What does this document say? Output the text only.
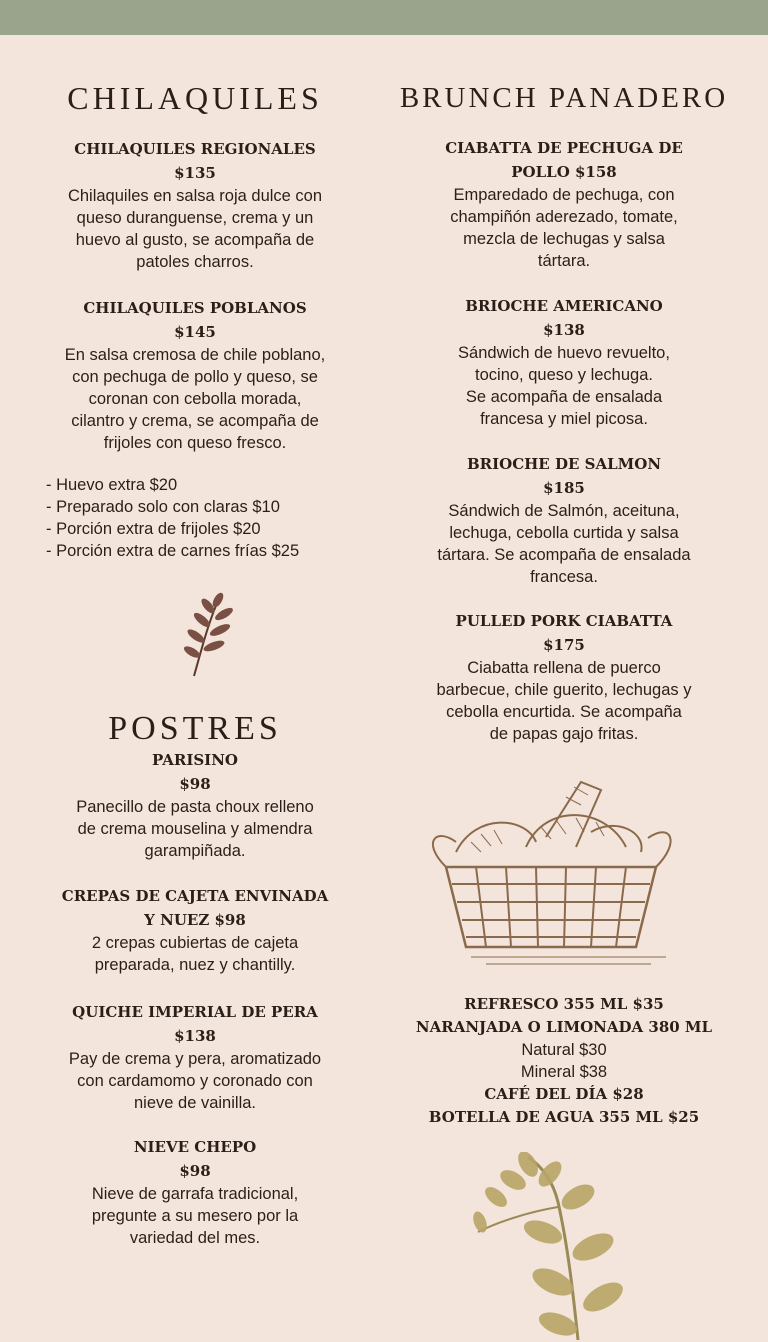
CHILAQUILES
CHILAQUILES REGIONALES
$135
Chilaquiles en salsa roja dulce con
queso duranguense, crema y un
huevo al gusto, se acompaña de
patoles charros.
CHILAQUILES POBLANOS
$145
En salsa cremosa de chile poblano,
con pechuga de pollo y queso, se
coronan con cebolla morada,
cilantro y crema, se acompaña de
frijoles con queso fresco.
- Huevo extra $20
- Preparado solo con claras $10
- Porción extra de frijoles $20
- Porción extra de carnes frías $25
POSTRES
PARISINO
$98
Panecillo de pasta choux relleno
de crema mouselina y almendra
garampiñada.
CREPAS DE CAJETA ENVINADA
Y NUEZ $98
2 crepas cubiertas de cajeta
preparada, nuez y chantilly.
QUICHE IMPERIAL DE PERA
$138
Pay de crema y pera, aromatizado
con cardamomo y coronado con
nieve de vainilla.
NIEVE CHEPO
$98
Nieve de garrafa tradicional,
pregunte a su mesero por la
variedad del mes.
BRUNCH PANADERO
CIABATTA DE PECHUGA DE
POLLO $158
Emparedado de pechuga, con
champiñón aderezado, tomate,
mezcla de lechugas y salsa
tártara.
BRIOCHE AMERICANO
$138
Sándwich de huevo revuelto,
tocino, queso y lechuga.
Se acompaña de ensalada
francesa y miel picosa.
BRIOCHE DE SALMON
$185
Sándwich de Salmón, aceituna,
lechuga, cebolla curtida y salsa
tártara. Se acompaña de ensalada
francesa.
PULLED PORK CIABATTA
$175
Ciabatta rellena de puerco
barbecue, chile guerito, lechugas y
cebolla encurtida. Se acompaña
de papas gajo fritas.
REFRESCO 355 ML $35
NARANJADA O LIMONADA 380 ML
Natural $30
Mineral $38
CAFÉ DEL DÍA $28
BOTELLA DE AGUA 355 ML $25
